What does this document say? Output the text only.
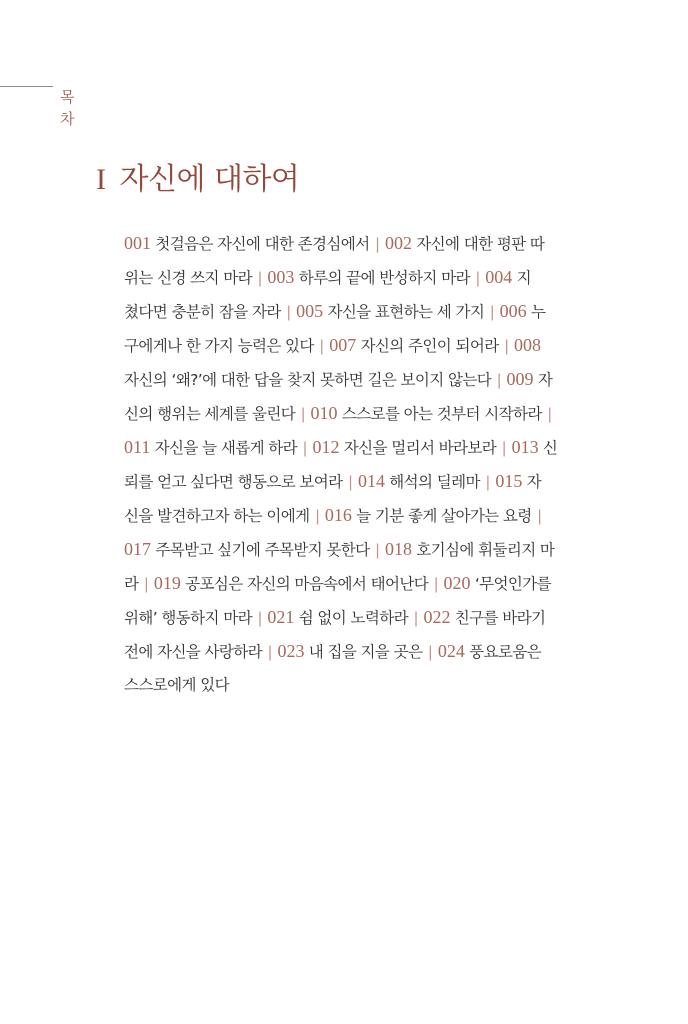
목
차
I 자신에 대하여
001 첫걸음은 자신에 대한 존경심에서 | 002 자신에 대한 평판 따
위는 신경 쓰지 마라 | 003 하루의 끝에 반성하지 마라 | 004 지
쳤다면 충분히 잠을 자라 | 005 자신을 표현하는 세 가지 | 006 누
구에게나 한 가지 능력은 있다 | 007 자신의 주인이 되어라 | 008
자신의 ‘왜?’에 대한 답을 찾지 못하면 길은 보이지 않는다 | 009 자
신의 행위는 세계를 울린다 | 010 스스로를 아는 것부터 시작하라 |
011 자신을 늘 새롭게 하라 | 012 자신을 멀리서 바라보라 | 013 신
뢰를 얻고 싶다면 행동으로 보여라 | 014 해석의 딜레마 | 015 자
신을 발견하고자 하는 이에게 | 016 늘 기분 좋게 살아가는 요령 |
017 주목받고 싶기에 주목받지 못한다 | 018 호기심에 휘둘리지 마
라 | 019 공포심은 자신의 마음속에서 태어난다 | 020 ‘무엇인가를
위해’ 행동하지 마라 | 021 쉼 없이 노력하라 | 022 친구를 바라기
전에 자신을 사랑하라 | 023 내 집을 지을 곳은 | 024 풍요로움은
스스로에게 있다
